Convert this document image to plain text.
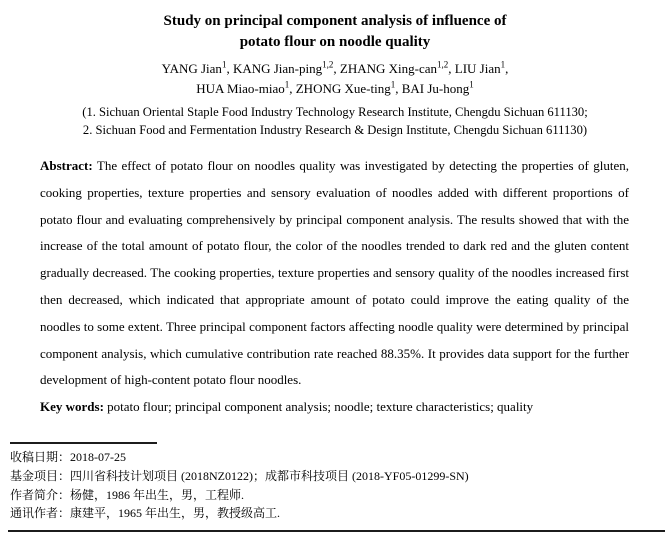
Study on principal component analysis of influence of
potato flour on noodle quality
YANG Jian$^1$, KANG Jian-ping$^{1,2}$, ZHANG Xing-can$^{1,2}$, LIU Jian$^1$,
HUA Miao-miao$^1$, ZHONG Xue-ting$^1$, BAI Ju-hong$^1$
(1. Sichuan Oriental Staple Food Industry Technology Research Institute, Chengdu Sichuan 611130;
2. Sichuan Food and Fermentation Industry Research & Design Institute, Chengdu Sichuan 611130)

Abstract: The effect of potato flour on noodles quality was investigated by detecting the properties of gluten, cooking properties, texture properties and sensory evaluation of noodles added with different proportions of potato flour and evaluating comprehensively by principal component analysis. The results showed that with the increase of the total amount of potato flour, the color of the noodles trended to dark red and the gluten content gradually decreased. The cooking properties, texture properties and sensory quality of the noodles increased first then decreased, which indicated that appropriate amount of potato could improve the eating quality of the noodles to some extent. Three principal component factors affecting noodle quality were determined by principal component analysis, which cumulative contribution rate reached 88.35%. It provides data support for the further development of high-content potato flour noodles.

Key words: potato flour; principal component analysis; noodle; texture characteristics; quality

收稿日期：2018-07-25
基金项目：四川省科技计划项目 (2018NZ0122)；成都市科技项目 (2018-YF05-01299-SN)
作者简介：杨健，1986 年出生，男，工程师.
通讯作者：康建平，1965 年出生，男，教授级高工.
